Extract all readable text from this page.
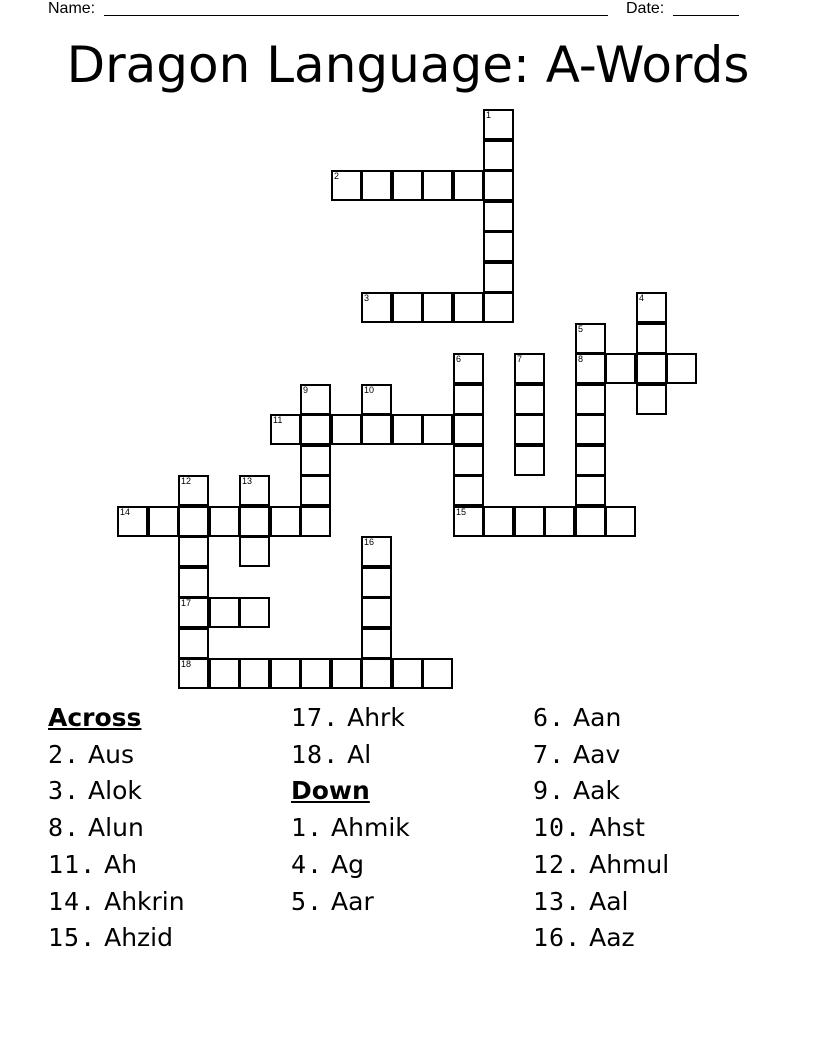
Name:	Date:
Dragon Language: A-Words
1
2
3	4
5
8
6	7
9	10
11
12
17
18
13
14	15
16
Across
2. Aus
3. Alok
8. Alun
11. Ah
14. Ahkrin
15. Ahzid
17. Ahrk
18. Al
Down
1. Ahmik
4. Ag
5. Aar
6. Aan
7. Aav
9. Aak
10. Ahst
12. Ahmul
13. Aal
16. Aaz
